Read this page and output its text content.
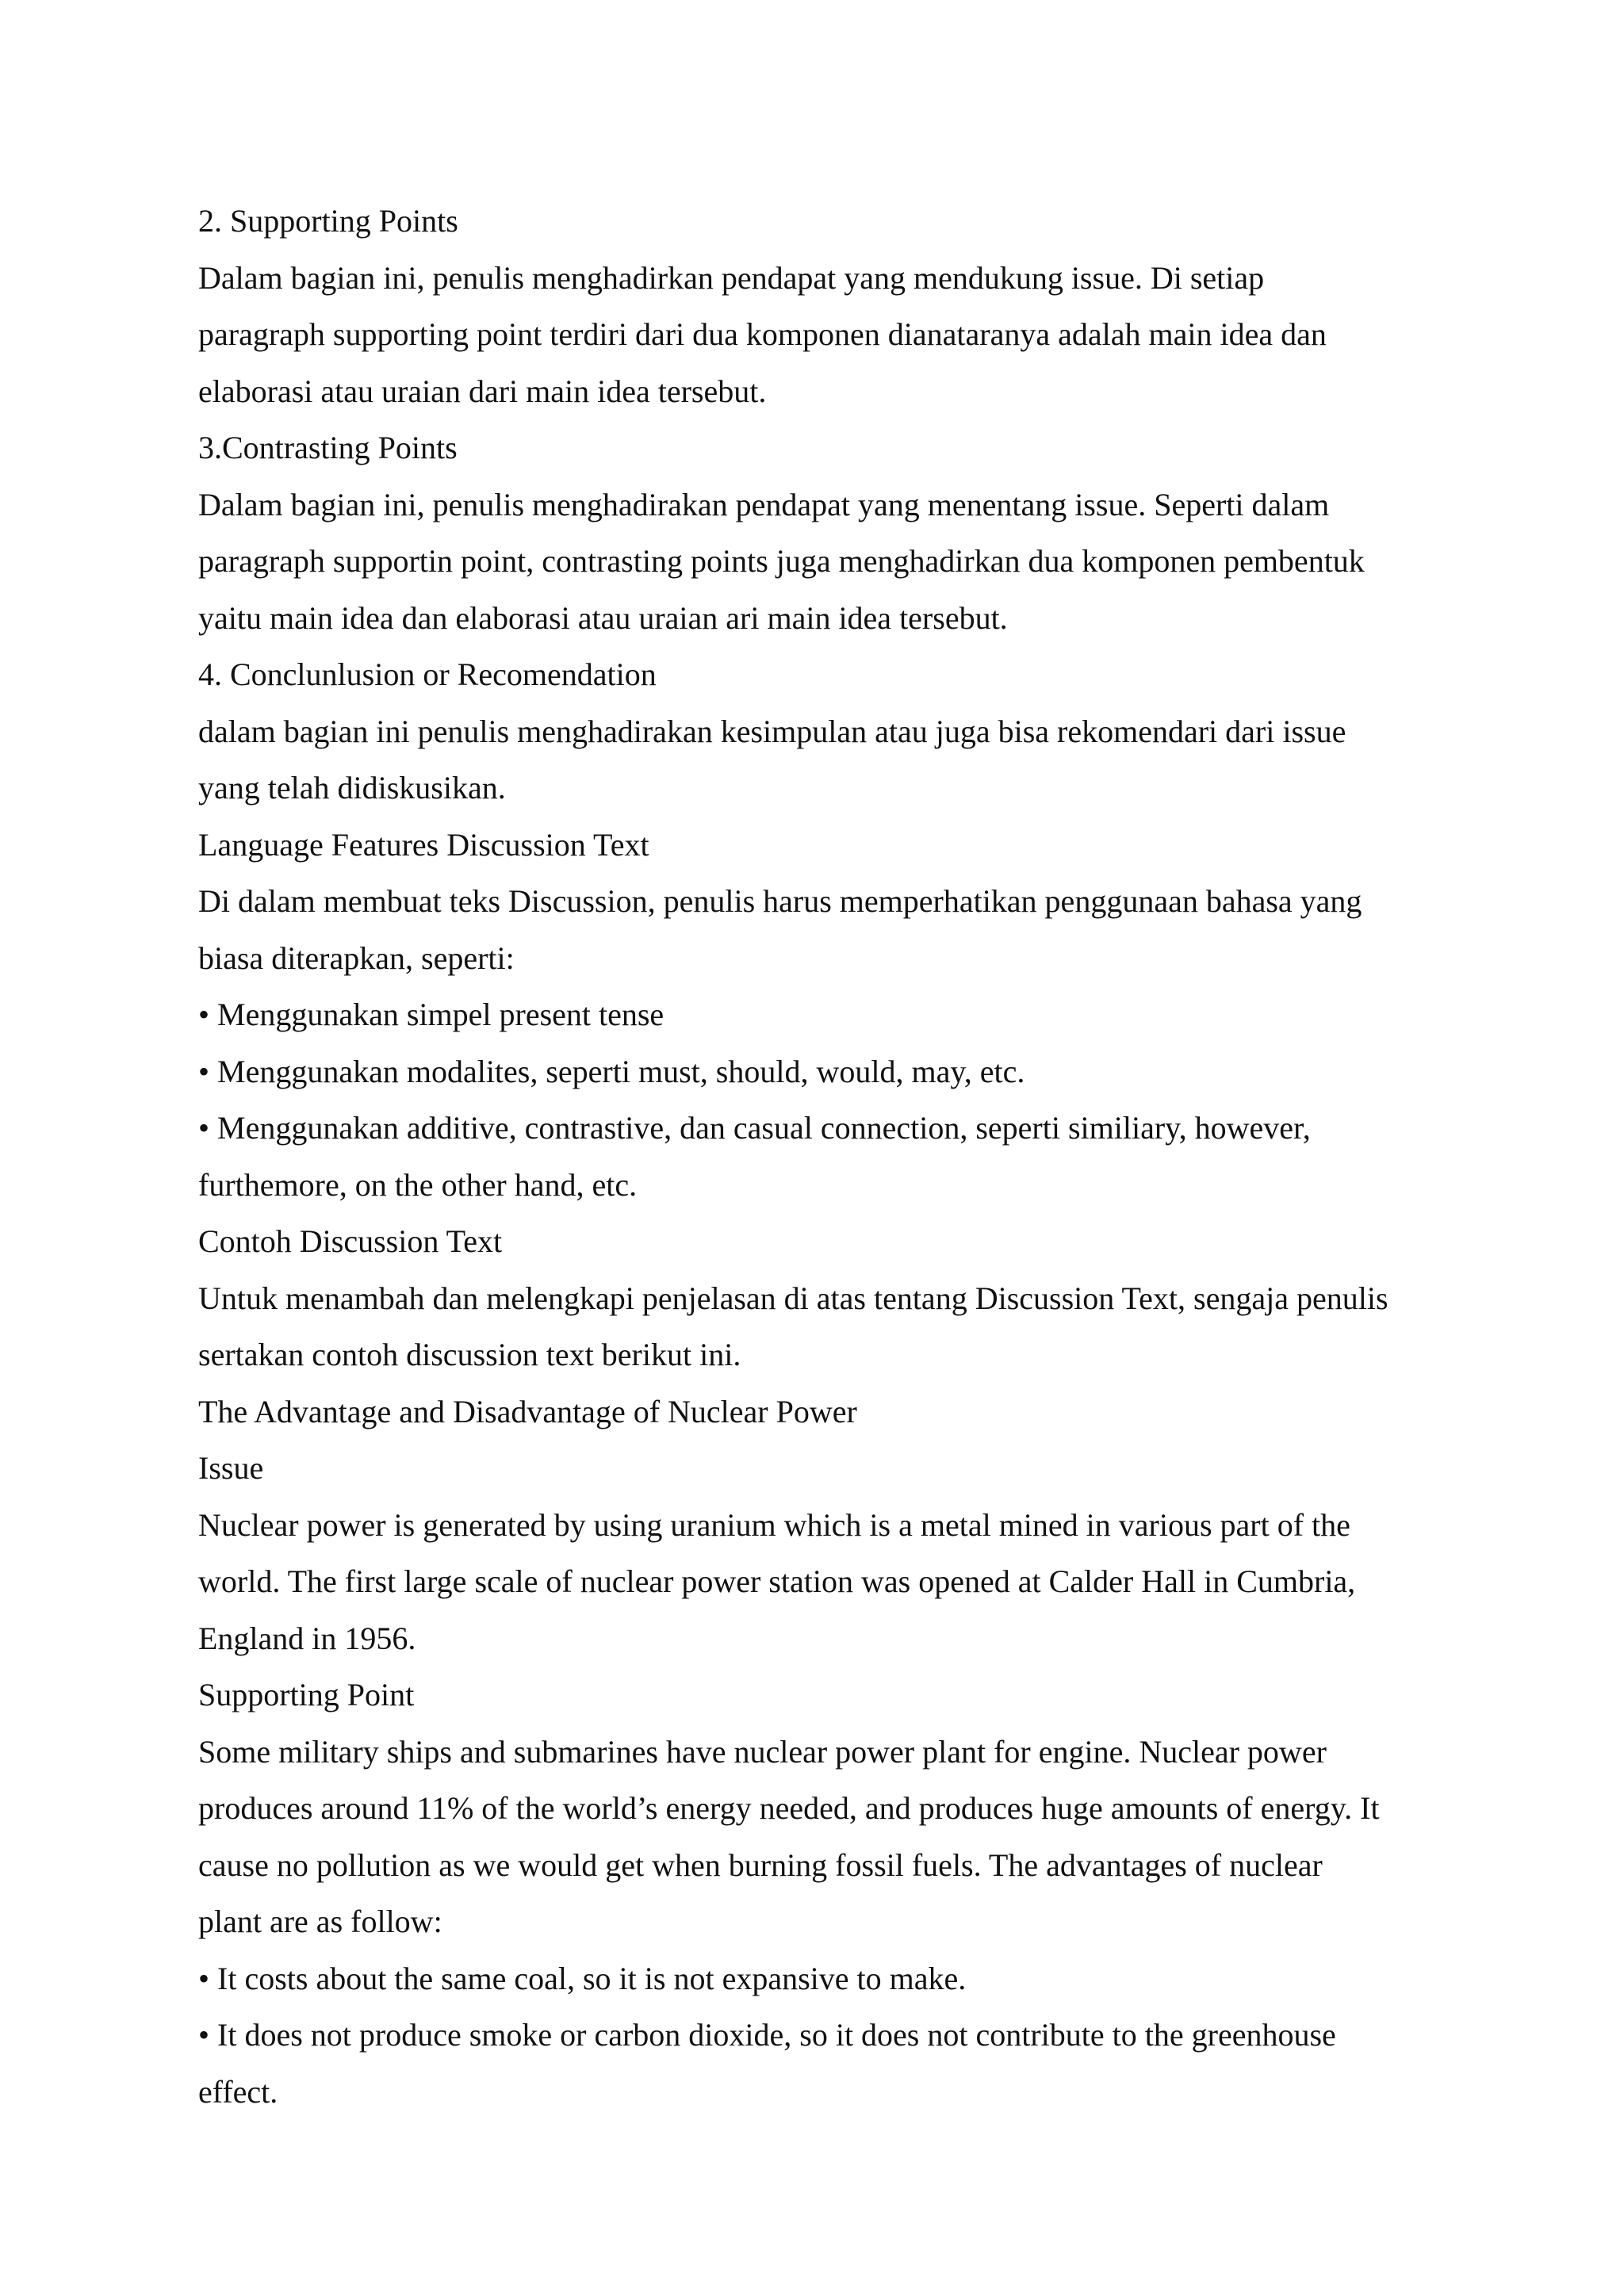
2. Supporting Points

Dalam bagian ini, penulis menghadirkan pendapat yang mendukung issue. Di setiap

paragraph supporting point terdiri dari dua komponen dianataranya adalah main idea dan

elaborasi atau uraian dari main idea tersebut.

3.Contrasting Points

Dalam bagian ini, penulis menghadirakan pendapat yang menentang issue. Seperti dalam

paragraph supportin point, contrasting points juga menghadirkan dua komponen pembentuk

yaitu main idea dan elaborasi atau uraian ari main idea tersebut.

4. Conclunlusion or Recomendation

dalam bagian ini penulis menghadirakan kesimpulan atau juga bisa rekomendari dari issue

yang telah didiskusikan.

Language Features Discussion Text

Di dalam membuat teks Discussion, penulis harus memperhatikan penggunaan bahasa yang

biasa diterapkan, seperti:

• Menggunakan simpel present tense

• Menggunakan modalites, seperti must, should, would, may, etc.

• Menggunakan additive, contrastive, dan casual connection, seperti similiary, however,

furthemore, on the other hand, etc.

Contoh Discussion Text

Untuk menambah dan melengkapi penjelasan di atas tentang Discussion Text, sengaja penulis

sertakan contoh discussion text berikut ini.

The Advantage and Disadvantage of Nuclear Power

Issue

Nuclear power is generated by using uranium which is a metal mined in various part of the

world. The first large scale of nuclear power station was opened at Calder Hall in Cumbria,

England in 1956.

Supporting Point

Some military ships and submarines have nuclear power plant for engine. Nuclear power

produces around 11% of the world’s energy needed, and produces huge amounts of energy. It

cause no pollution as we would get when burning fossil fuels. The advantages of nuclear

plant are as follow:

• It costs about the same coal, so it is not expansive to make.

• It does not produce smoke or carbon dioxide, so it does not contribute to the greenhouse

effect.
